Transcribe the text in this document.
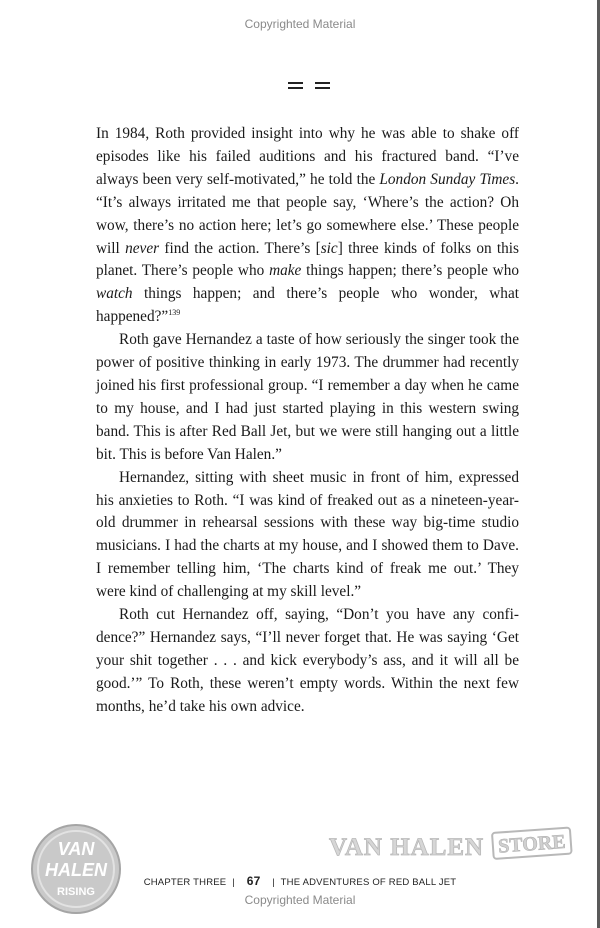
Copyrighted Material

In 1984, Roth provided insight into why he was able to shake off episodes like his failed auditions and his fractured band. “I’ve always been very self-motivated,” he told the London Sunday Times. “It’s always irritated me that people say, ‘Where’s the action? Oh wow, there’s no action here; let’s go somewhere else.’ These people will never find the action. There’s [sic] three kinds of folks on this planet. There’s people who make things happen; there’s people who watch things happen; and there’s people who wonder, what happened?”$^{139}$

Roth gave Hernandez a taste of how seriously the singer took the power of positive thinking in early 1973. The drummer had recently joined his first professional group. “I remember a day when he came to my house, and I had just started playing in this western swing band. This is after Red Ball Jet, but we were still hanging out a little bit. This is before Van Halen.”

Hernandez, sitting with sheet music in front of him, expressed his anxieties to Roth. “I was kind of freaked out as a nineteen-year-old drummer in rehearsal sessions with these way big-time studio musicians. I had the charts at my house, and I showed them to Dave. I remember telling him, ‘The charts kind of freak me out.’ They were kind of challenging at my skill level.”

Roth cut Hernandez off, saying, “Don’t you have any confidence?” Hernandez says, “I’ll never forget that. He was saying ‘Get your shit together . . . and kick everybody’s ass, and it will all be good.’” To Roth, these weren’t empty words. Within the next few months, he’d take his own advice.

CHAPTER THREE | 67 | THE ADVENTURES OF RED BALL JET
Copyrighted Material
VAN
HALEN
RISING
VAN HALEN STORE
